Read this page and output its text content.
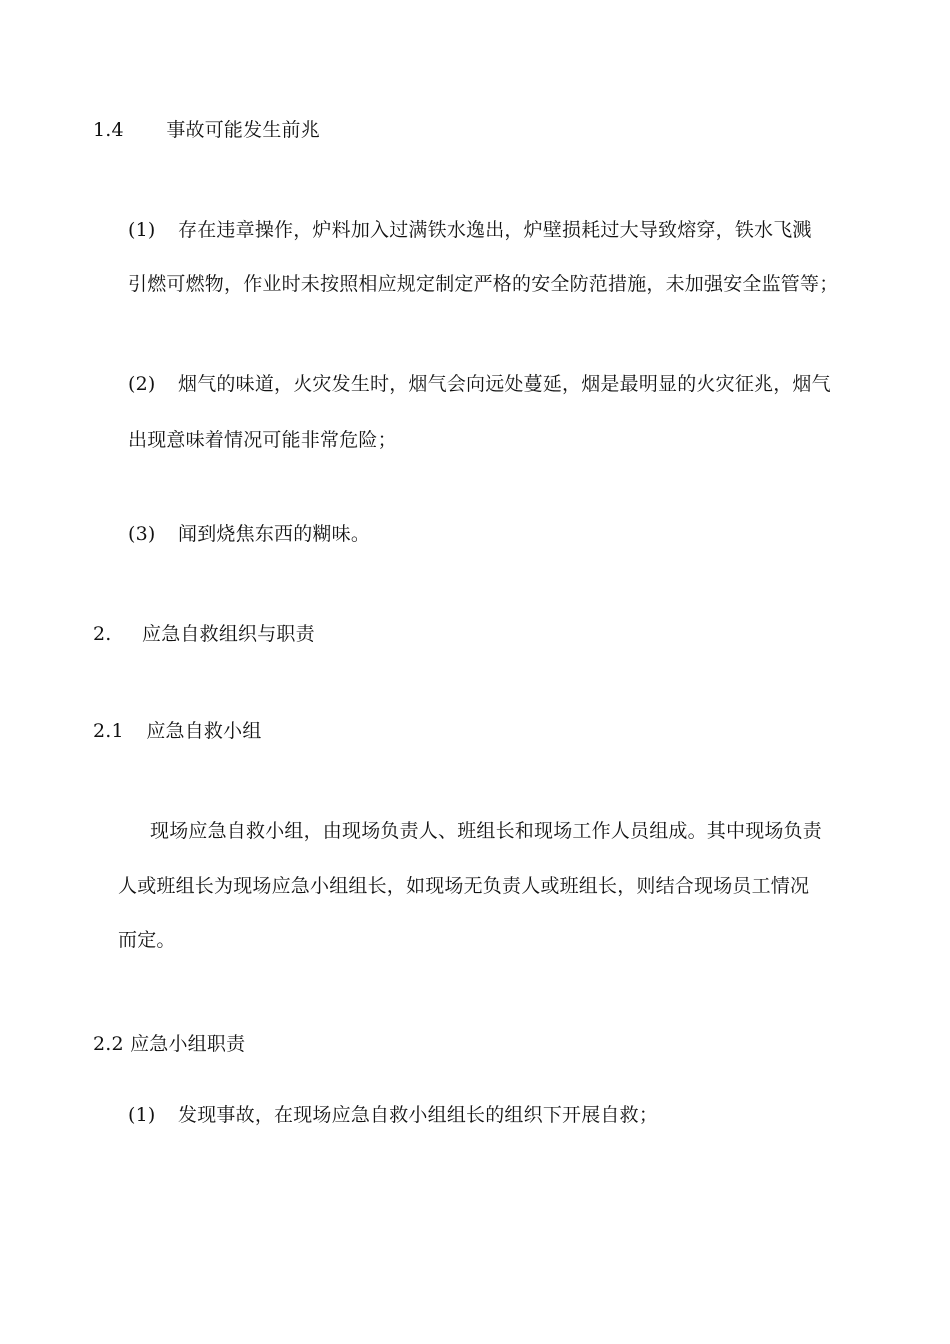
1.4 事故可能发生前兆
(1) 存在违章操作，炉料加入过满铁水逸出，炉壁损耗过大导致熔穿，铁水飞溅
引燃可燃物，作业时未按照相应规定制定严格的安全防范措施，未加强安全监管等；
(2) 烟气的味道，火灾发生时，烟气会向远处蔓延，烟是最明显的火灾征兆，烟气
出现意味着情况可能非常危险；
(3) 闻到烧焦东西的糊味。
2. 应急自救组织与职责
2.1 应急自救小组
现场应急自救小组，由现场负责人、班组长和现场工作人员组成。其中现场负责
人或班组长为现场应急小组组长，如现场无负责人或班组长，则结合现场员工情况
而定。
2.2 应急小组职责
(1) 发现事故，在现场应急自救小组组长的组织下开展自救；
